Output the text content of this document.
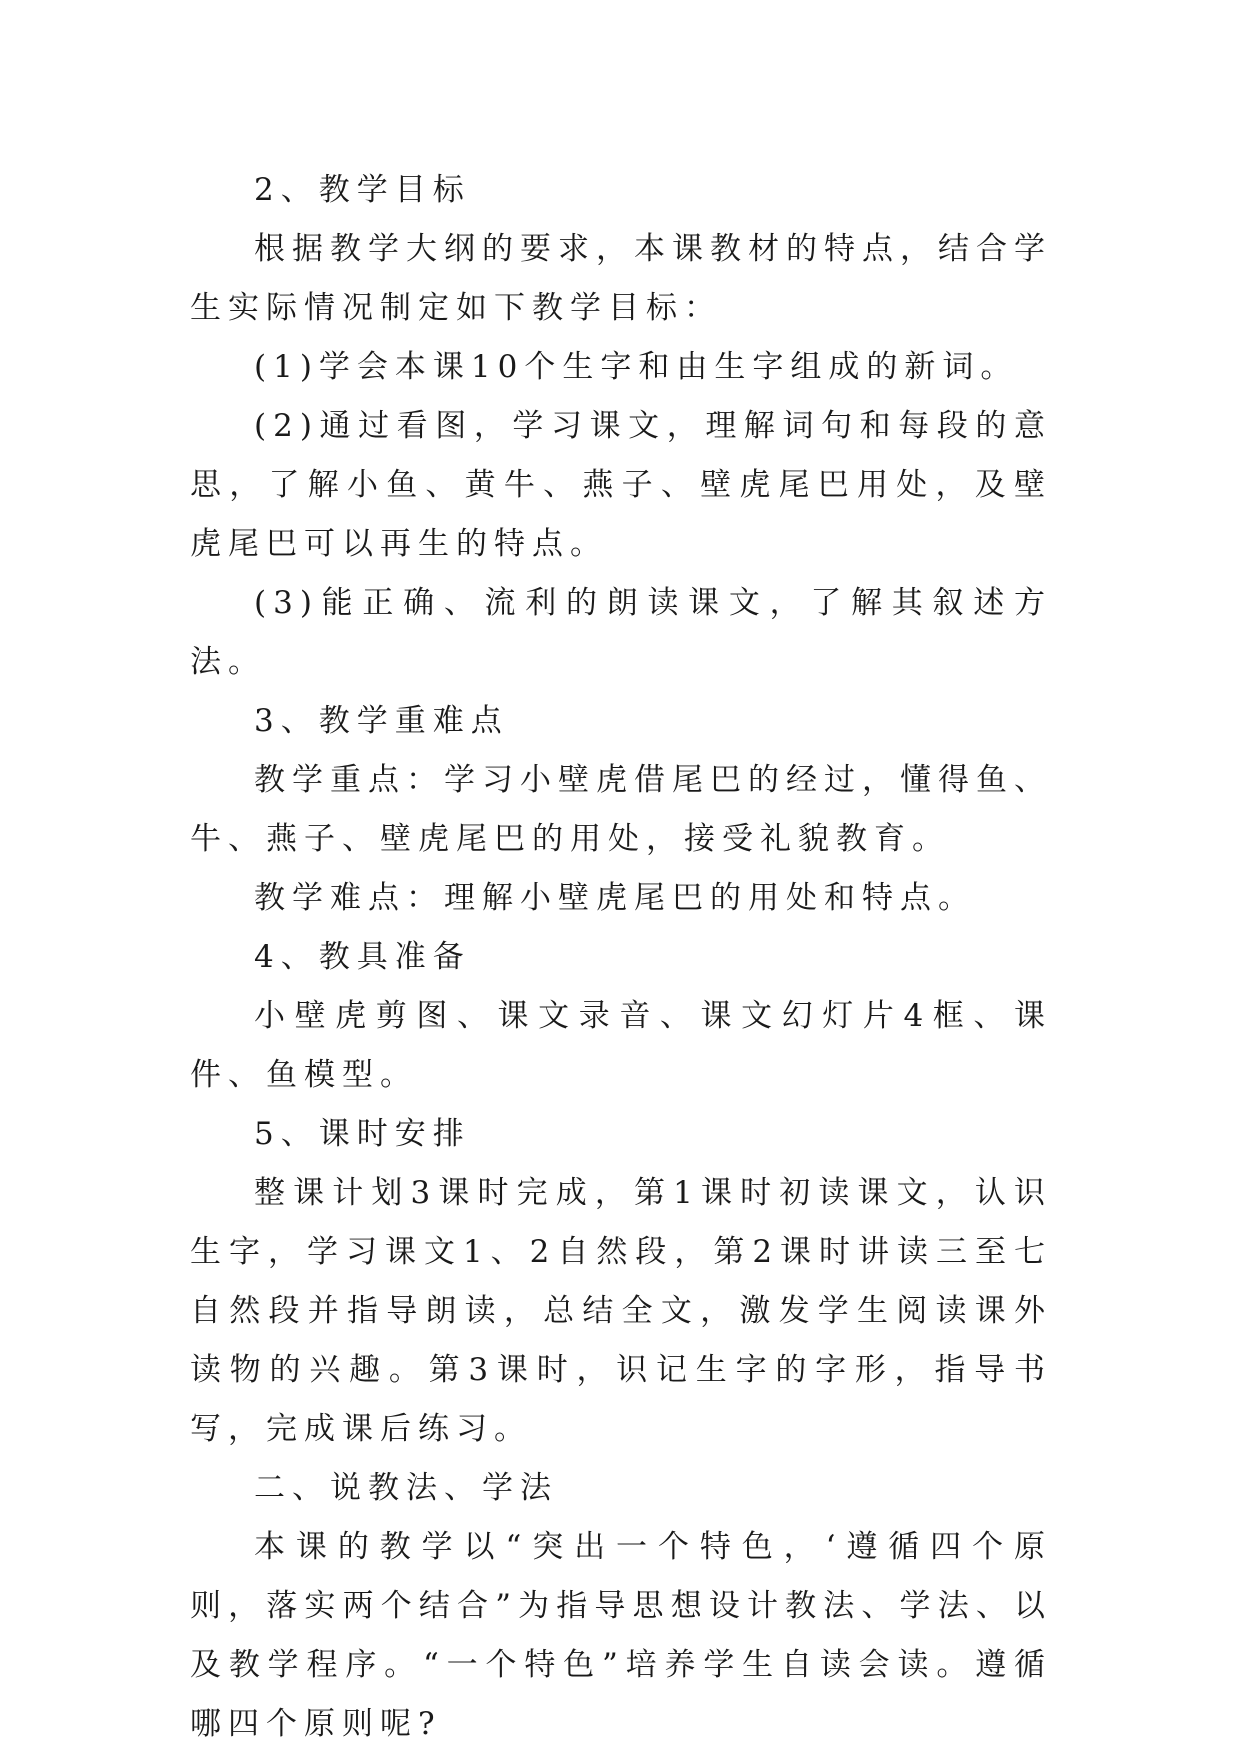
2、教学目标

根据教学大纲的要求，本课教材的特点，结合学生实际情况制定如下教学目标：

(1)学会本课10个生字和由生字组成的新词。

(2)通过看图，学习课文，理解词句和每段的意思，了解小鱼、黄牛、燕子、壁虎尾巴用处，及壁虎尾巴可以再生的特点。

(3)能正确、流利的朗读课文，了解其叙述方法。

3、教学重难点

教学重点：学习小壁虎借尾巴的经过，懂得鱼、牛、燕子、壁虎尾巴的用处，接受礼貌教育。

教学难点：理解小壁虎尾巴的用处和特点。

4、教具准备

小壁虎剪图、课文录音、课文幻灯片4框、课件、鱼模型。

5、课时安排

整课计划3课时完成，第1课时初读课文，认识生字，学习课文1、2自然段，第2课时讲读三至七自然段并指导朗读，总结全文，激发学生阅读课外读物的兴趣。第3课时，识记生字的字形，指导书写，完成课后练习。

二、说教法、学法

本课的教学以“突出一个特色，‘遵循四个原则，落实两个结合”为指导思想设计教法、学法、以及教学程序。“一个特色”培养学生自读会读。遵循哪四个原则呢?
